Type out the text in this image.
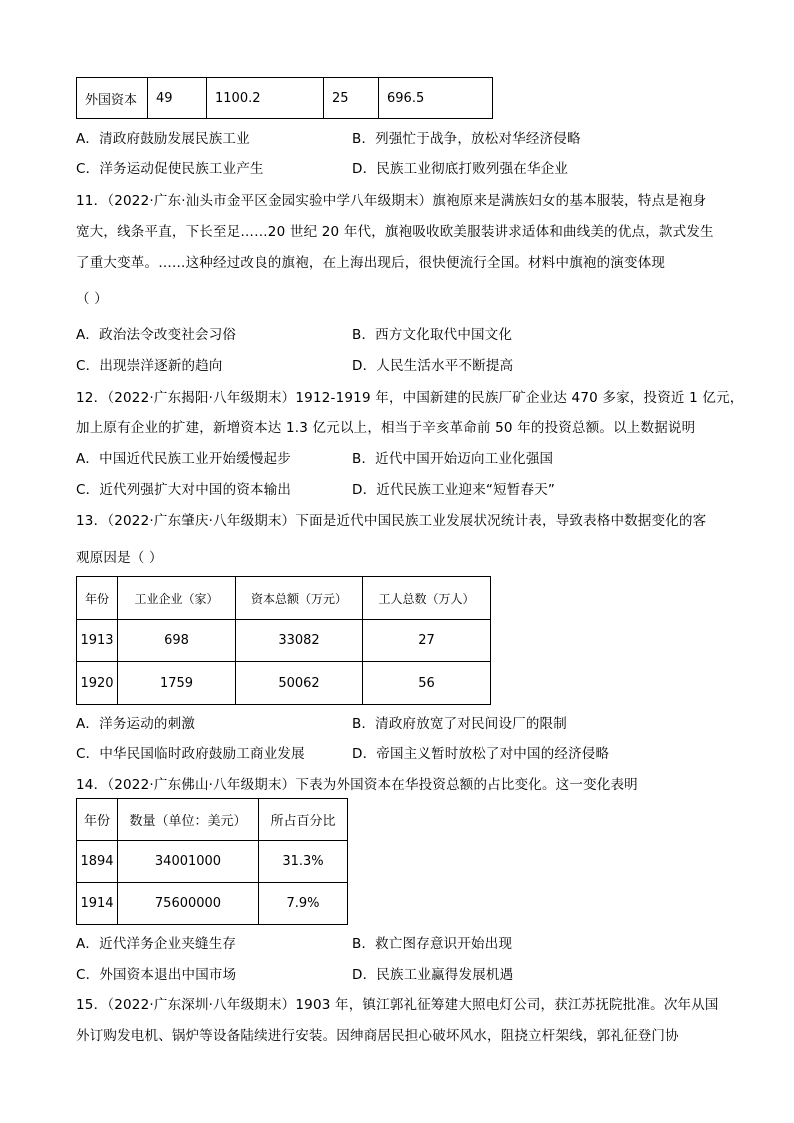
外国资本	49	1100.2	25	696.5
A．清政府鼓励发展民族工业	B．列强忙于战争，放松对华经济侵略
C．洋务运动促使民族工业产生	D．民族工业彻底打败列强在华企业
11．（2022·广东·汕头市金平区金园实验中学八年级期末）旗袍原来是满族妇女的基本服装，特点是袍身
宽大，线条平直，下长至足……20 世纪 20 年代，旗袍吸收欧美服装讲求适体和曲线美的优点，款式发生
了重大变革。……这种经过改良的旗袍，在上海出现后，很快便流行全国。材料中旗袍的演变体现
（ ）
A．政治法令改变社会习俗	B．西方文化取代中国文化
C．出现崇洋逐新的趋向	D．人民生活水平不断提高
12．（2022·广东揭阳·八年级期末）1912-1919 年，中国新建的民族厂矿企业达 470 多家，投资近 1 亿元，
加上原有企业的扩建，新增资本达 1.3 亿元以上，相当于辛亥革命前 50 年的投资总额。以上数据说明
A．中国近代民族工业开始缓慢起步	B．近代中国开始迈向工业化强国
C．近代列强扩大对中国的资本输出	D．近代民族工业迎来“短暂春天”
13．（2022·广东肇庆·八年级期末）下面是近代中国民族工业发展状况统计表，导致表格中数据变化的客
观原因是（ ）
年份	工业企业（家）	资本总额（万元）	工人总数（万人）
1913	698	33082	27
1920	1759	50062	56
A．洋务运动的刺激	B．清政府放宽了对民间设厂的限制
C．中华民国临时政府鼓励工商业发展	D．帝国主义暂时放松了对中国的经济侵略
14．（2022·广东佛山·八年级期末）下表为外国资本在华投资总额的占比变化。这一变化表明
年份	数量（单位：美元）	所占百分比
1894	34001000	31.3%
1914	75600000	7.9%
A．近代洋务企业夹缝生存	B．救亡图存意识开始出现
C．外国资本退出中国市场	D．民族工业赢得发展机遇
15．（2022·广东深圳·八年级期末）1903 年，镇江郭礼征筹建大照电灯公司，获江苏抚院批准。次年从国
外订购发电机、锅炉等设备陆续进行安装。因绅商居民担心破坏风水，阻挠立杆架线，郭礼征登门协
